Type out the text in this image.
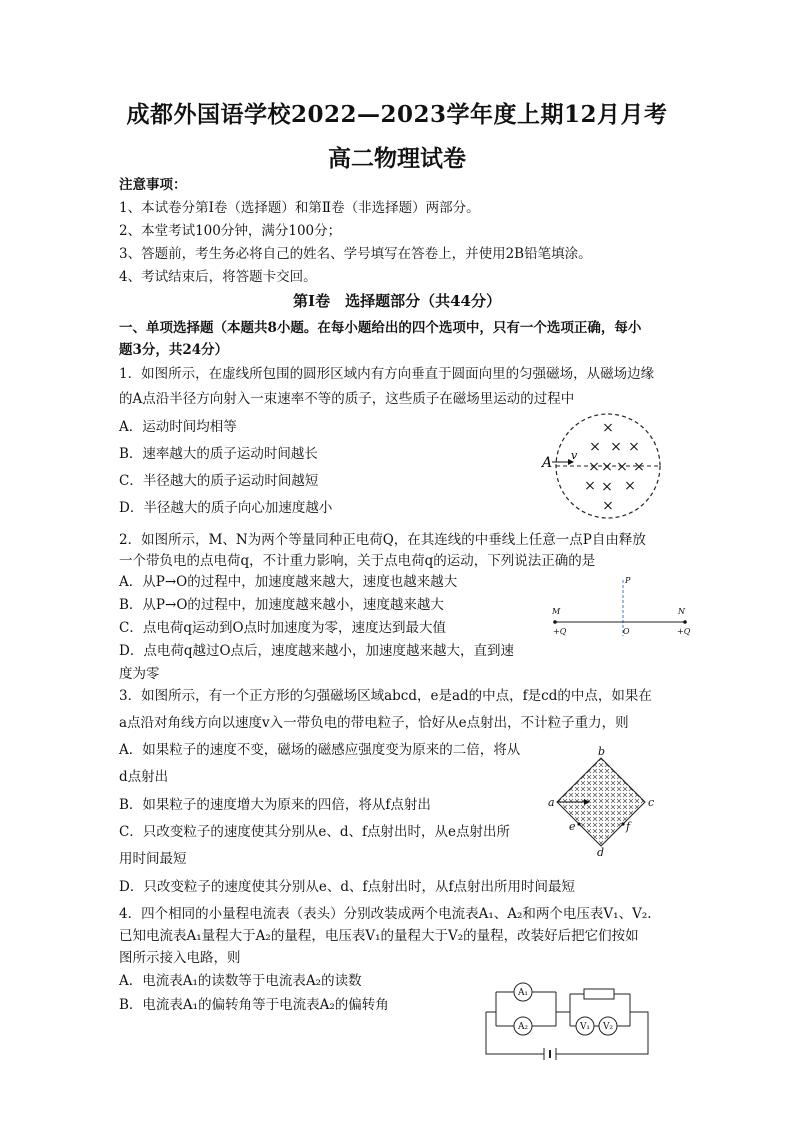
成都外国语学校2022—2023学年度上期12月月考
高二物理试卷
注意事项：
1、本试卷分第Ⅰ卷（选择题）和第Ⅱ卷（非选择题）两部分。
2、本堂考试100分钟，满分100分；
3、答题前，考生务必将自己的姓名、学号填写在答卷上，并使用2B铅笔填涂。
4、考试结束后，将答题卡交回。
第Ⅰ卷　选择题部分（共44分）
一、单项选择题（本题共8小题。在每小题给出的四个选项中，只有一个选项正确，每小
题3分，共24分）
1．如图所示，在虚线所包围的圆形区域内有方向垂直于圆面向里的匀强磁场，从磁场边缘
的A点沿半径方向射入一束速率不等的质子，这些质子在磁场里运动的过程中
A．运动时间均相等
B．速率越大的质子运动时间越长
C．半径越大的质子运动时间越短
D．半径越大的质子向心加速度越小
× × ×
×
×
×
× × ×
× ×
×
A v
2．如图所示，M、N为两个等量同种正电荷Q，在其连线的中垂线上任意一点P自由释放
一个带负电的点电荷q，不计重力影响，关于点电荷q的运动，下列说法正确的是
A．从P→O的过程中，加速度越来越大，速度也越来越大
B．从P→O的过程中，加速度越来越小，速度越来越大
C．点电荷q运动到O点时加速度为零，速度达到最大值
D．点电荷q越过O点后，速度越来越小，加速度越来越大，直到速
度为零
P
M	N
O
+Q	+Q
3．如图所示，有一个正方形的匀强磁场区域abcd，e是ad的中点，f是cd的中点，如果在
a点沿对角线方向以速度v入一带负电的带电粒子，恰好从e点射出，不计粒子重力，则
A．如果粒子的速度不变，磁场的磁感应强度变为原来的二倍，将从
d点射出
B．如果粒子的速度增大为原来的四倍，将从f点射出
C．只改变粒子的速度使其分别从e、d、f点射出时，从e点射出所
用时间最短
D．只改变粒子的速度使其分别从e、d、f点射出时，从f点射出所用时间最短
b
a	c
d
e	f
4．四个相同的小量程电流表（表头）分别改装成两个电流表A₁、A₂和两个电压表V₁、V₂.
已知电流表A₁量程大于A₂的量程，电压表V₁的量程大于V₂的量程，改装好后把它们按如
图所示接入电路，则
A．电流表A₁的读数等于电流表A₂的读数
B．电流表A₁的偏转角等于电流表A₂的偏转角
A₁
A₂	V₁ V₂
